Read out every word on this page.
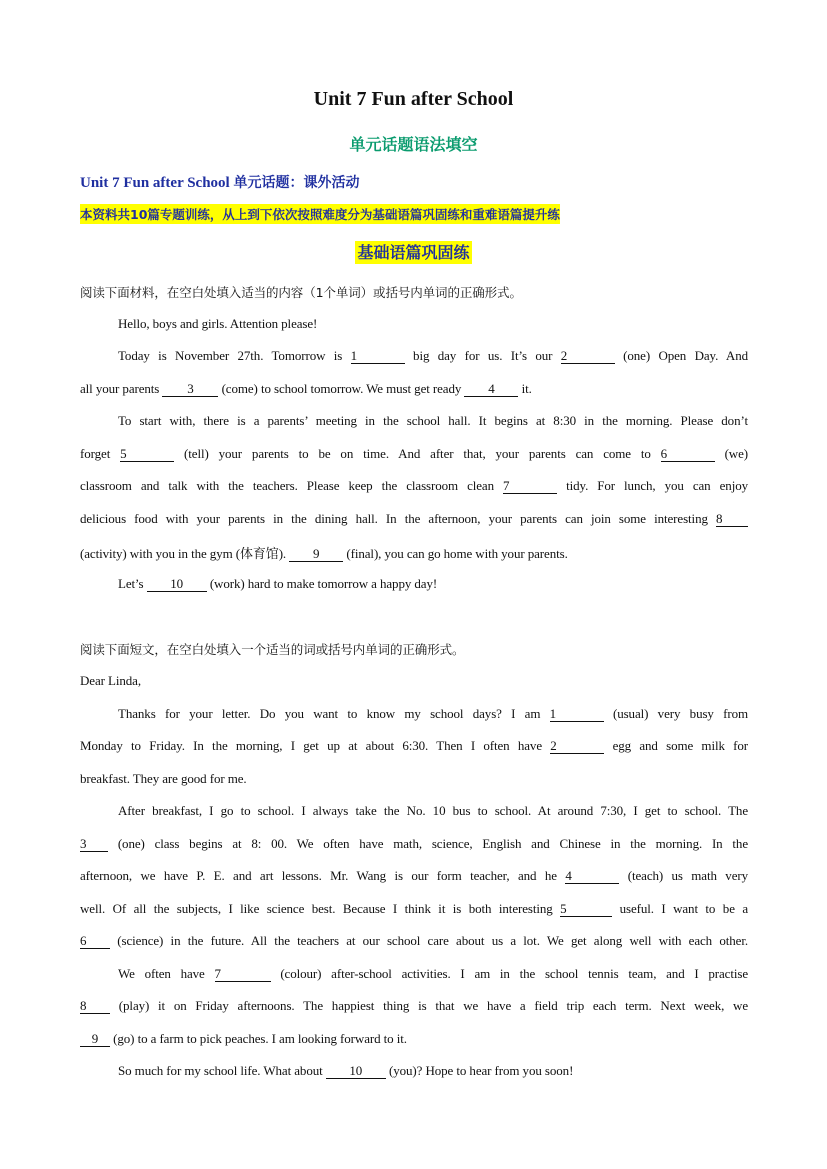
Unit 7 Fun after School
单元话题语法填空
Unit 7 Fun after School 单元话题：课外活动
本资料共10篇专题训练，从上到下依次按照难度分为基础语篇巩固练和重难语篇提升练
基础语篇巩固练
阅读下面材料，在空白处填入适当的内容（1个单词）或括号内单词的正确形式。
Hello, boys and girls. Attention please!
Today is November 27th. Tomorrow is 1	big day for us. It’s our 2	(one) Open Day. And
all your parents 3 (come) to school tomorrow. We must get ready 4 it.
To start with, there is a parents’ meeting in the school hall. It begins at 8:30 in the morning. Please don’t
forget 5	(tell) your parents to be on time. And after that, your parents can come to 6	(we)
classroom and talk with the teachers. Please keep the classroom clean 7	tidy. For lunch, you can enjoy
delicious food with your parents in the dining hall. In the afternoon, your parents can join some interesting 8
(activity) with you in the gym (体育馆). 9 (final), you can go home with your parents.
Let’s 10 (work) hard to make tomorrow a happy day!
阅读下面短文，在空白处填入一个适当的词或括号内单词的正确形式。
Dear Linda,
Thanks for your letter. Do you want to know my school days? I am 1	(usual) very busy from
Monday to Friday. In the morning, I get up at about 6:30. Then I often have 2	egg and some milk for
breakfast. They are good for me.
After breakfast, I go to school. I always take the No. 10 bus to school. At around 7:30, I get to school. The
3 (one) class begins at 8: 00. We often have math, science, English and Chinese in the morning. In the
afternoon, we have P. E. and art lessons. Mr. Wang is our form teacher, and he 4	(teach) us math very
well. Of all the subjects, I like science best. Because I think it is both interesting 5	useful. I want to be a
6 (science) in the future. All the teachers at our school care about us a lot. We get along well with each other.
We often have 7	(colour) after-school activities. I am in the school tennis team, and I practise
8 (play) it on Friday afternoons. The happiest thing is that we have a field trip each term. Next week, we
9 (go) to a farm to pick peaches. I am looking forward to it.
So much for my school life. What about 10 (you)? Hope to hear from you soon!
